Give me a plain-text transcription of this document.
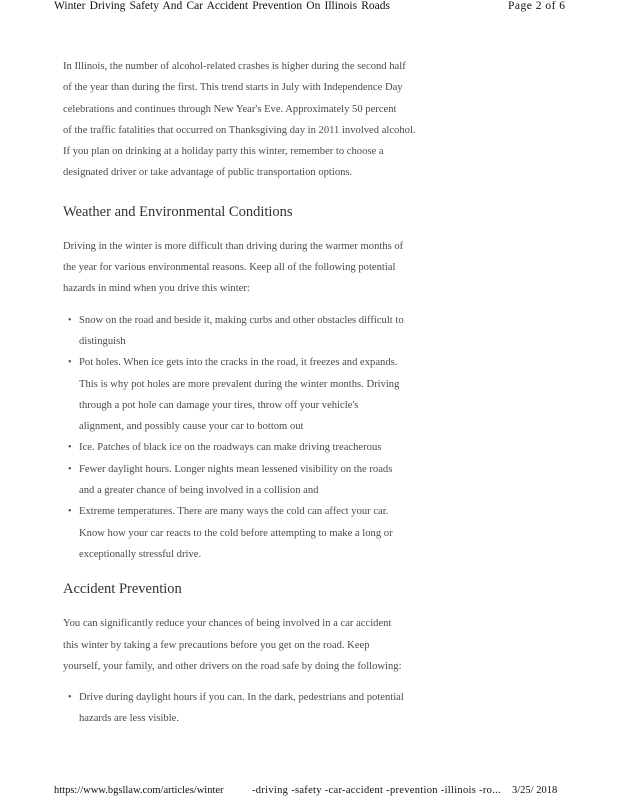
Winter Driving Safety And Car Accident Prevention On Illinois Roads	Page 2 of 6

In Illinois, the number of alcohol-related crashes is higher during the second half
of the year than during the first. This trend starts in July with Independence Day
celebrations and continues through New Year's Eve. Approximately 50 percent
of the traffic fatalities that occurred on Thanksgiving day in 2011 involved alcohol.
If you plan on drinking at a holiday party this winter, remember to choose a
designated driver or take advantage of public transportation options.

Weather and Environmental Conditions

Driving in the winter is more difficult than driving during the warmer months of
the year for various environmental reasons. Keep all of the following potential
hazards in mind when you drive this winter:

• Snow on the road and beside it, making curbs and other obstacles difficult to
distinguish
• Pot holes. When ice gets into the cracks in the road, it freezes and expands.
This is why pot holes are more prevalent during the winter months. Driving
through a pot hole can damage your tires, throw off your vehicle's
alignment, and possibly cause your car to bottom out
• Ice. Patches of black ice on the roadways can make driving treacherous
• Fewer daylight hours. Longer nights mean lessened visibility on the roads
and a greater chance of being involved in a collision and
• Extreme temperatures. There are many ways the cold can affect your car.
Know how your car reacts to the cold before attempting to make a long or
exceptionally stressful drive.
Accident Prevention

You can significantly reduce your chances of being involved in a car accident
this winter by taking a few precautions before you get on the road. Keep
yourself, your family, and other drivers on the road safe by doing the following:

• Drive during daylight hours if you can. In the dark, pedestrians and potential
hazards are less visible.
https://www.bgsllaw.com/articles/winter	-driving -safety -car-accident -prevention -illinois -ro... 3/25/ 2018
